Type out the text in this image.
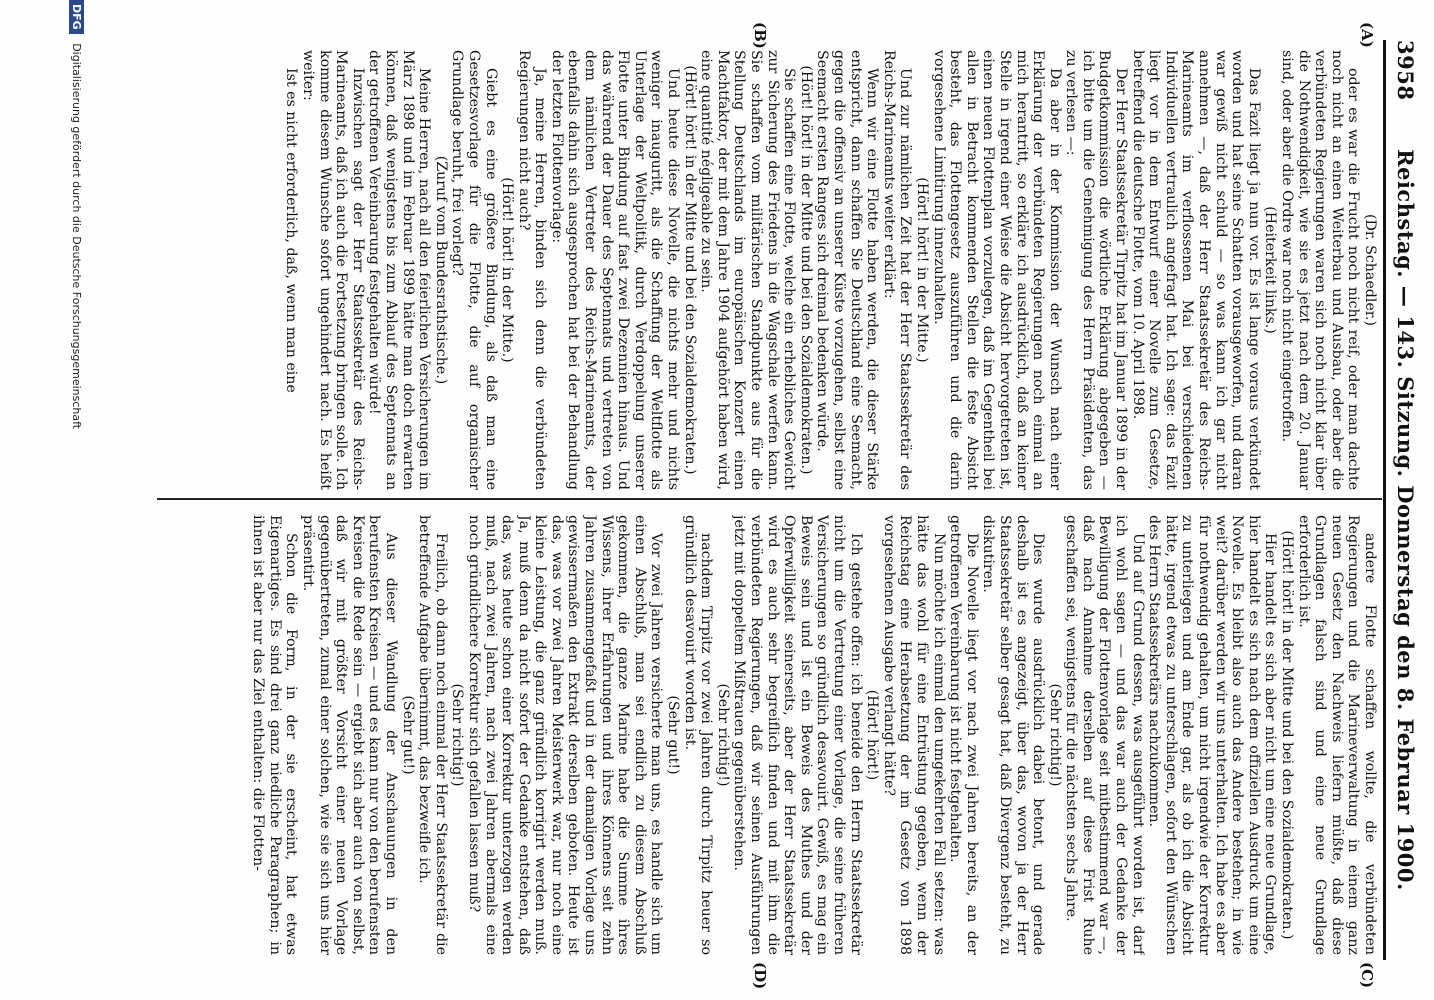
3958
Reichstag. — 143. Sitzung. Donnerstag den 8. Februar 1900.
(A)
(B)
(C)
(D)

(Dr. Schaedler.)

oder es war die Frucht noch nicht reif, oder man dachte noch nicht an einen Weiterbau und Ausbau, oder aber die verbündeten Regierungen waren sich noch nicht klar über die Nothwendigkeit, wie sie es jetzt nach dem 20. Januar sind, oder aber die Ordre war noch nicht eingetroffen.

(Heiterkeit links.)

Das Fazit liegt ja nun vor. Es ist lange voraus verkündet worden und hat seine Schatten vorausgeworfen, und daran war gewiß nicht schuld — so was kann ich gar nicht annehmen —, daß der Herr Staatssekretär des Reichs-Marineamts im verflossenen Mai bei verschiedenen Individuellen vertraulich angefragt hat. Ich sage: das Fazit liegt vor in dem Entwurf einer Novelle zum Gesetze, betreffend die deutsche Flotte, vom 10. April 1898.

Der Herr Staatssekretär Tirpitz hat im Januar 1899 in der Budgetkommission die wörtliche Erklärung abgegeben — ich bitte um die Genehmigung des Herrn Präsidenten, das zu verlesen —:

Da aber in der Kommission der Wunsch nach einer Erklärung der verbündeten Regierungen noch einmal an mich herantritt, so erkläre ich ausdrücklich, daß an keiner Stelle in irgend einer Weise die Absicht hervorgetreten ist, einen neuen Flottenplan vorzulegen, daß im Gegentheil bei allen in Betracht kommenden Stellen die feste Absicht besteht, das Flottengesetz auszuführen und die darin vorgesehene Limitirung innezuhalten.

(Hört! hört! in der Mitte.)

Und zur nämlichen Zeit hat der Herr Staatssekretär des Reichs-Marineamts weiter erklärt:

Wenn wir eine Flotte haben werden, die dieser Stärke entspricht, dann schaffen Sie Deutschland eine Seemacht, gegen die offensiv an unserer Küste vorzugehen, selbst eine Seemacht ersten Ranges sich dreimal bedenken würde.

(Hört! hört! in der Mitte und bei den Sozialdemokraten.)

Sie schaffen eine Flotte, welche ein erhebliches Gewicht zur Sicherung des Friedens in die Wagschale werfen kann. Sie schaffen vom militärischen Standpunkte aus für die Stellung Deutschlands im europäischen Konzert einen Machtfaktor, der mit dem Jahre 1904 aufgehört haben wird, eine quantité négligeable zu sein.

(Hört! hört! in der Mitte und bei den Sozialdemokraten.)

Und heute diese Novelle, die nichts mehr und nichts weniger inauguritt, als die Schaffung der Weltflotte als Unterlage der Weltpolitik, durch Verdoppelung unserer Flotte unter Bindung auf fast zwei Dezennien hinaus. Und das während der Dauer des Septennats und vertreten von dem nämlichen Vertreter des Reichs-Marineamts, der ebenfalls dahin sich ausgesprochen hat bei der Behandlung der letzten Flottenvorlage:

Ja, meine Herren, binden sich denn die verbündeten Regierungen nicht auch?

(Hört! hört! in der Mitte.)

Giebt es eine größere Bindung, als daß man eine Gesetzesvorlage für die Flotte, die auf organischer Grundlage beruht, frei vorlegt?

(Zuruf vom Bundesrathstische.)

Meine Herren, nach all den feierlichen Versicherungen im März 1898 und im Februar 1899 hätte man doch erwarten können, daß wenigstens bis zum Ablauf des Septennats an der getroffenen Vereinbarung festgehalten würde!

Inzwischen sagt der Herr Staatssekretär des Reichs-Marineamts, daß ich auch die Fortsetzung bringen solle. Ich komme diesem Wunsche sofort ungehindert nach. Es heißt weiter:

Ist es nicht erforderlich, daß, wenn man eine

andere Flotte schaffen wollte, die verbündeten Regierungen und die Marineverwaltung in einem ganz neuen Gesetz den Nachweis liefern müßte, daß diese Grundlagen falsch sind und eine neue Grundlage erforderlich ist.

(Hört! hört! in der Mitte und bei den Sozialdemokraten.)

Hier handelt es sich aber nicht um eine neue Grundlage, hier handelt es sich nach dem offiziellen Ausdruck um eine Novelle. Es bleibt also auch das Andere bestehen; in wie weit? darüber werden wir uns unterhalten. Ich habe es aber für nothwendig gehalten, um nicht irgendwie der Korrektur zu unterliegen und am Ende gar, als ob ich die Absicht hätte, irgend etwas zu unterschlagen, sofort den Wünschen des Herrn Staatssekretärs nachzukommen.

Und auf Grund dessen, was ausgeführt worden ist, darf ich wohl sagen — und das war auch der Gedanke der Bewilligung der Flottenvorlage seit mitbestimmend war —, daß nach Annahme derselben auf diese Frist Ruhe geschaffen sei, wenigstens für die nächsten sechs Jahre.

(Sehr richtig!)

Dies wurde ausdrücklich dabei betont, und gerade deshalb ist es angezeigt, über das, wovon ja der Herr Staatssekretär selber gesagt hat, daß Divergenz besteht, zu diskutiren.

Die Novelle liegt vor nach zwei Jahren bereits, an der getroffenen Vereinbarung ist nicht festgehalten.

Nun möchte ich einmal den umgekehrten Fall setzen: was hätte das wohl für eine Entrüstung gegeben, wenn der Reichstag eine Herabsetzung der im Gesetz von 1898 vorgesehenen Ausgabe verlangt hätte?

(Hört! hört!)

Ich gestehe offen: ich beneide den Herrn Staatssekretär nicht um die Vertretung einer Vorlage, die seine früheren Versicherungen so gründlich desavouirt. Gewiß, es mag ein Beweis sein und ist ein Beweis des Muthes und der Opferwilligkeit seinerseits, aber der Herr Staatssekretär wird es auch sehr begreiflich finden und mit ihm die verbündeten Regierungen, daß wir seinen Ausführungen jetzt mit doppeltem Mißtrauen gegenüberstehen.

(Sehr richtig!)

nachdem Tirpitz vor zwei Jahren durch Tirpitz heuer so gründlich desavouirt worden ist.

(Sehr gut!)

Vor zwei Jahren versicherte man uns, es handle sich um einen Abschluß, man sei endlich zu diesem Abschluß gekommen, die ganze Marine habe die Summe ihres Wissens, ihrer Erfahrungen und ihres Könnens seit zehn Jahren zusammengefaßt und in der damaligen Vorlage uns gewissermaßen den Extrakt derselben geboten. Heute ist das, was vor zwei Jahren Meisterwerk war, nur noch eine kleine Leistung, die ganz gründlich korrigirt werden muß. Ja, muß denn da nicht sofort der Gedanke entstehen, daß das, was heute schon einer Korrektur unterzogen werden muß, nach zwei Jahren, nach zwei Jahren abermals eine noch gründlichere Korrektur sich gefallen lassen muß?

(Sehr richtig!)

Freilich, ob dann noch einmal der Herr Staatssekretär die betreffende Aufgabe übernimmt, das bezweifle ich.

(Sehr gut!)

Aus dieser Wandlung der Anschauungen in den berufensten Kreisen — und es kann nur von den berufensten Kreisen die Rede sein — ergiebt sich aber auch von selbst, daß wir mit größter Vorsicht einer neuen Vorlage gegenübertreten, zumal einer solchen, wie sie sich uns hier präsentirt.

Schon die Form, in der sie erscheint, hat etwas Eigenartiges. Es sind drei ganz niedliche Paragraphen; in ihnen ist aber nur das Ziel enthalten: die Flotten-

DFG Digitalisierung gefördert durch die Deutsche Forschungsgemeinschaft
